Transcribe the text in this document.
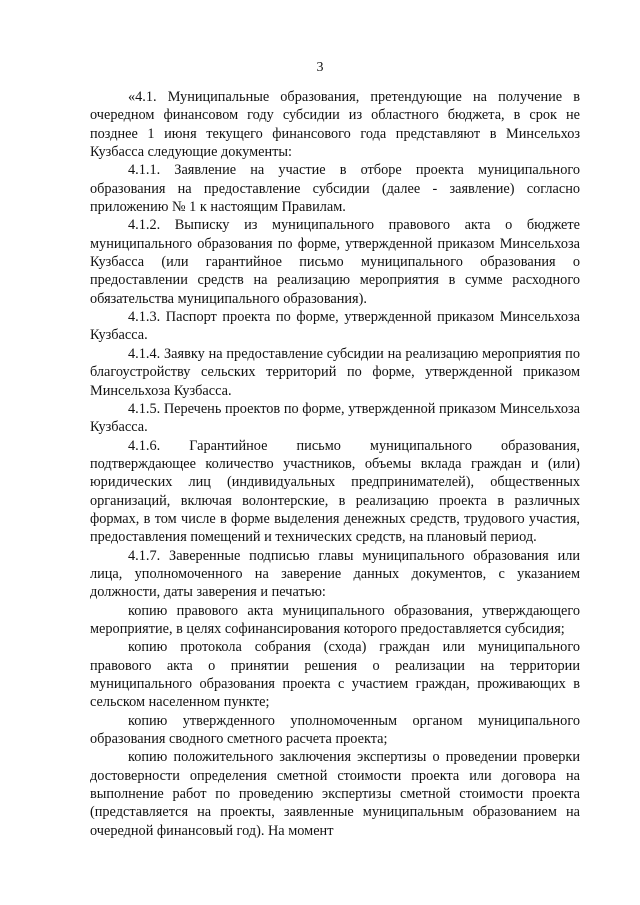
3

«4.1. Муниципальные образования, претендующие на получение в очередном финансовом году субсидии из областного бюджета, в срок не позднее 1 июня текущего финансового года представляют в Минсельхоз Кузбасса следующие документы:

4.1.1. Заявление на участие в отборе проекта муниципального образования на предоставление субсидии (далее - заявление) согласно приложению № 1 к настоящим Правилам.

4.1.2. Выписку из муниципального правового акта о бюджете муниципального образования по форме, утвержденной приказом Минсельхоза Кузбасса (или гарантийное письмо муниципального образования о предоставлении средств на реализацию мероприятия в сумме расходного обязательства муниципального образования).

4.1.3. Паспорт проекта по форме, утвержденной приказом Минсельхоза Кузбасса.

4.1.4. Заявку на предоставление субсидии на реализацию мероприятия по благоустройству сельских территорий по форме, утвержденной приказом Минсельхоза Кузбасса.

4.1.5. Перечень проектов по форме, утвержденной приказом Минсельхоза Кузбасса.

4.1.6. Гарантийное письмо муниципального образования, подтверждающее количество участников, объемы вклада граждан и (или) юридических лиц (индивидуальных предпринимателей), общественных организаций, включая волонтерские, в реализацию проекта в различных формах, в том числе в форме выделения денежных средств, трудового участия, предоставления помещений и технических средств, на плановый период.

4.1.7. Заверенные подписью главы муниципального образования или лица, уполномоченного на заверение данных документов, с указанием должности, даты заверения и печатью:

копию правового акта муниципального образования, утверждающего мероприятие, в целях софинансирования которого предоставляется субсидия;

копию протокола собрания (схода) граждан или муниципального правового акта о принятии решения о реализации на территории муниципального образования проекта с участием граждан, проживающих в сельском населенном пункте;

копию утвержденного уполномоченным органом муниципального образования сводного сметного расчета проекта;

копию положительного заключения экспертизы о проведении проверки достоверности определения сметной стоимости проекта или договора на выполнение работ по проведению экспертизы сметной стоимости проекта (представляется на проекты, заявленные муниципальным образованием на очередной финансовый год). На момент
